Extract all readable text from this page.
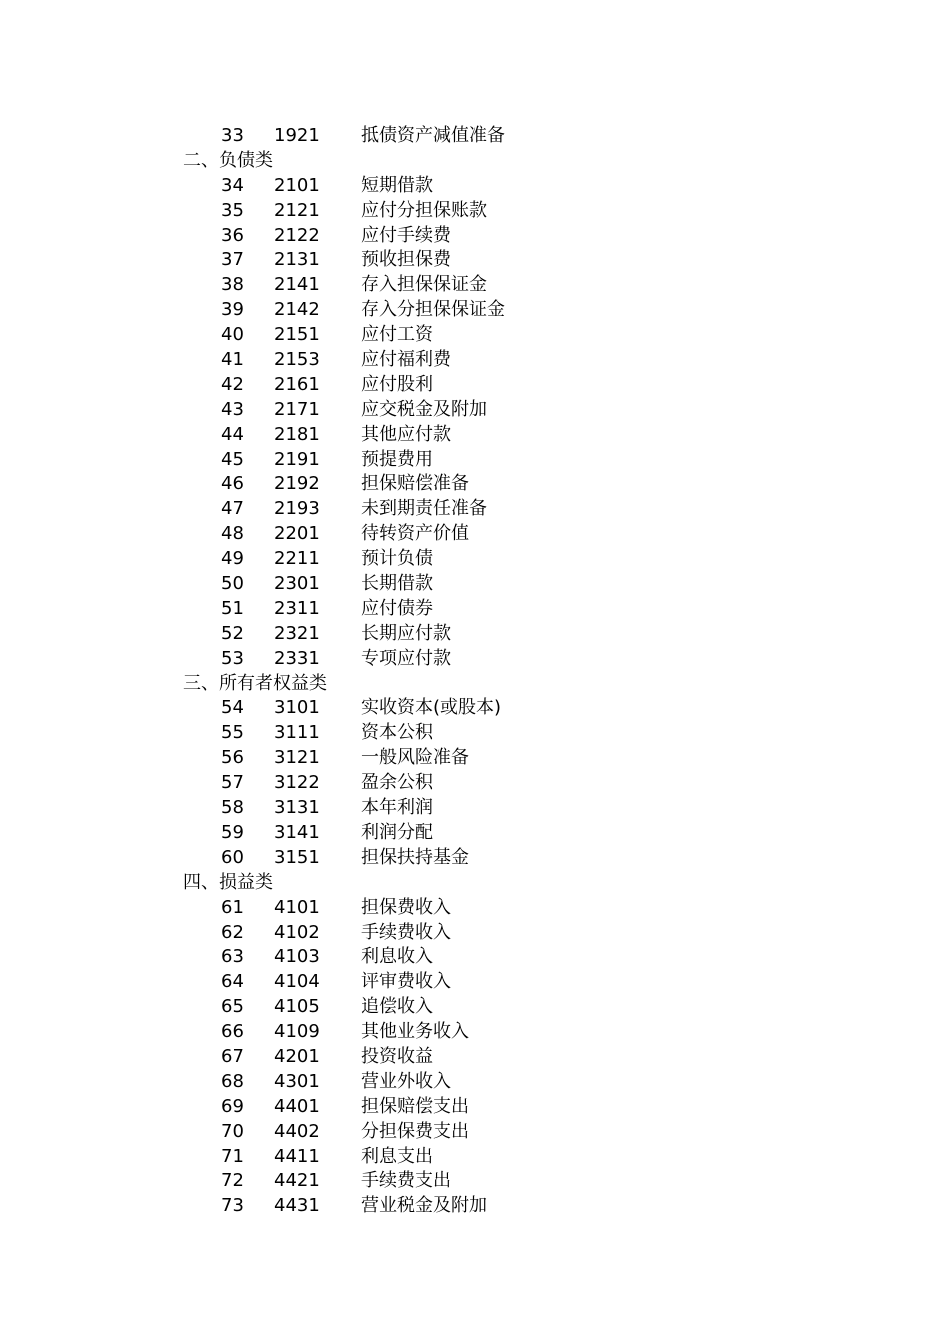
33 1921 抵债资产减值准备
二、负债类
34 2101 短期借款
35 2121 应付分担保账款
36 2122 应付手续费
37 2131 预收担保费
38 2141 存入担保保证金
39 2142 存入分担保保证金
40 2151 应付工资
41 2153 应付福利费
42 2161 应付股利
43 2171 应交税金及附加
44 2181 其他应付款
45 2191 预提费用
46 2192 担保赔偿准备
47 2193 未到期责任准备
48 2201 待转资产价值
49 2211 预计负债
50 2301 长期借款
51 2311 应付债券
52 2321 长期应付款
53 2331 专项应付款
三、所有者权益类
54 3101 实收资本(或股本)
55 3111 资本公积
56 3121 一般风险准备
57 3122 盈余公积
58 3131 本年利润
59 3141 利润分配
60 3151 担保扶持基金
四、损益类
61 4101 担保费收入
62 4102 手续费收入
63 4103 利息收入
64 4104 评审费收入
65 4105 追偿收入
66 4109 其他业务收入
67 4201 投资收益
68 4301 营业外收入
69 4401 担保赔偿支出
70 4402 分担保费支出
71 4411 利息支出
72 4421 手续费支出
73 4431 营业税金及附加
